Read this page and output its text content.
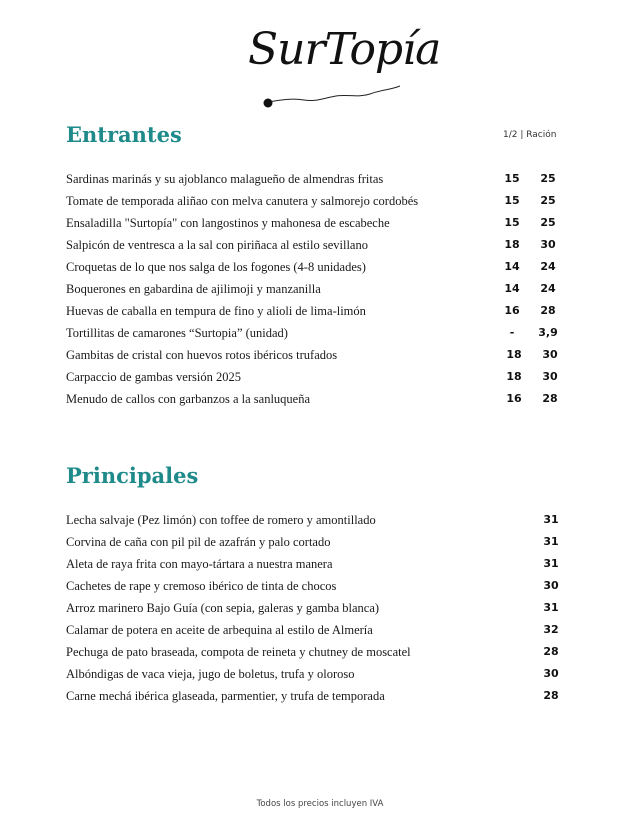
SurTopía
Entrantes	1/2 | Ración
Sardinas marinás y su ajoblanco malagueño de almendras fritas	15	25
Tomate de temporada aliñao con melva canutera y salmorejo cordobés	15	25
Ensaladilla "Surtopía" con langostinos y mahonesa de escabeche	15	25
Salpicón de ventresca a la sal con piriñaca al estilo sevillano	18	30
Croquetas de lo que nos salga de los fogones (4-8 unidades)	14	24
Boquerones en gabardina de ajilimoji y manzanilla	14	24
Huevas de caballa en tempura de fino y alioli de lima-limón	16	28
Tortillitas de camarones “Surtopia” (unidad)	-	3,9
Gambitas de cristal con huevos rotos ibéricos trufados	18	30
Carpaccio de gambas versión 2025	18	30
Menudo de callos con garbanzos a la sanluqueña	16	28
Principales
Lecha salvaje (Pez limón) con toffee de romero y amontillado	31
Corvina de caña con pil pil de azafrán y palo cortado	31
Aleta de raya frita con mayo-tártara a nuestra manera	31
Cachetes de rape y cremoso ibérico de tinta de chocos	30
Arroz marinero Bajo Guía (con sepia, galeras y gamba blanca)	31
Calamar de potera en aceite de arbequina al estilo de Almería	32
Pechuga de pato braseada, compota de reineta y chutney de moscatel	28
Albóndigas de vaca vieja, jugo de boletus, trufa y oloroso	30
Carne mechá ibérica glaseada, parmentier, y trufa de temporada	28
Todos los precios incluyen IVA
